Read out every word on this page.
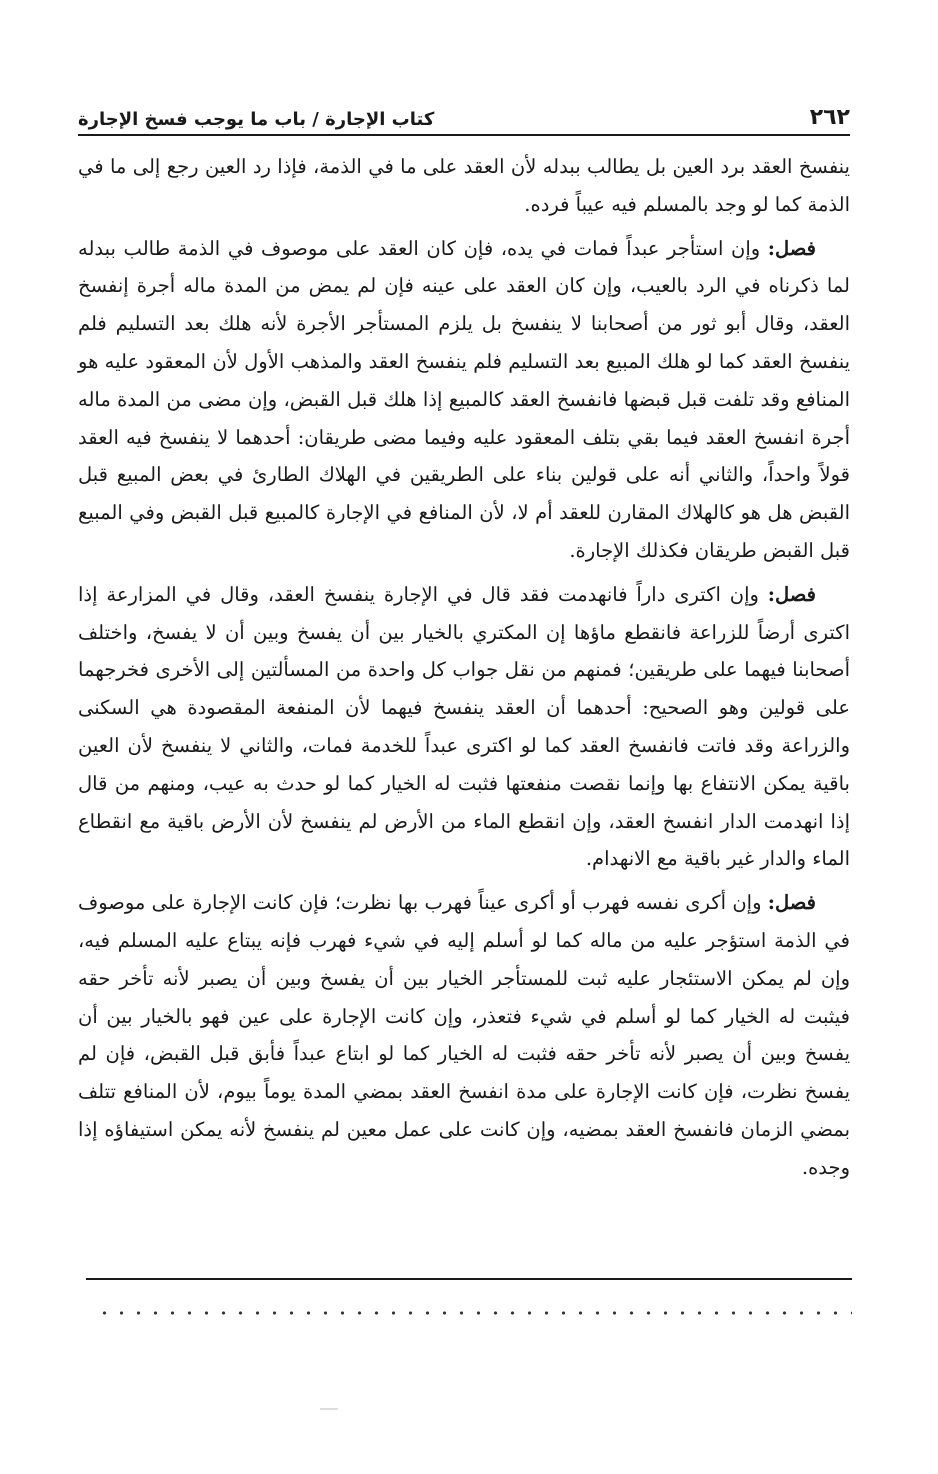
٢٦٢
كتاب الإجارة / باب ما يوجب فسخ الإجارة

ينفسخ العقد برد العين بل يطالب ببدله لأن العقد على ما في الذمة، فإذا رد العين رجع إلى ما في الذمة كما لو وجد بالمسلم فيه عيباً فرده.

فصل: وإن استأجر عبداً فمات في يده، فإن كان العقد على موصوف في الذمة طالب ببدله لما ذكرناه في الرد بالعيب، وإن كان العقد على عينه فإن لم يمض من المدة ماله أجرة إنفسخ العقد، وقال أبو ثور من أصحابنا لا ينفسخ بل يلزم المستأجر الأجرة لأنه هلك بعد التسليم فلم ينفسخ العقد كما لو هلك المبيع بعد التسليم فلم ينفسخ العقد والمذهب الأول لأن المعقود عليه هو المنافع وقد تلفت قبل قبضها فانفسخ العقد كالمبيع إذا هلك قبل القبض، وإن مضى من المدة ماله أجرة انفسخ العقد فيما بقي بتلف المعقود عليه وفيما مضى طريقان: أحدهما لا ينفسخ فيه العقد قولاً واحداً، والثاني أنه على قولين بناء على الطريقين في الهلاك الطارئ في بعض المبيع قبل القبض هل هو كالهلاك المقارن للعقد أم لا، لأن المنافع في الإجارة كالمبيع قبل القبض وفي المبيع قبل القبض طريقان فكذلك الإجارة.

فصل: وإن اكترى داراً فانهدمت فقد قال في الإجارة ينفسخ العقد، وقال في المزارعة إذا اكترى أرضاً للزراعة فانقطع ماؤها إن المكتري بالخيار بين أن يفسخ وبين أن لا يفسخ، واختلف أصحابنا فيهما على طريقين؛ فمنهم من نقل جواب كل واحدة من المسألتين إلى الأخرى فخرجهما على قولين وهو الصحيح: أحدهما أن العقد ينفسخ فيهما لأن المنفعة المقصودة هي السكنى والزراعة وقد فاتت فانفسخ العقد كما لو اكترى عبداً للخدمة فمات، والثاني لا ينفسخ لأن العين باقية يمكن الانتفاع بها وإنما نقصت منفعتها فثبت له الخيار كما لو حدث به عيب، ومنهم من قال إذا انهدمت الدار انفسخ العقد، وإن انقطع الماء من الأرض لم ينفسخ لأن الأرض باقية مع انقطاع الماء والدار غير باقية مع الانهدام.

فصل: وإن أكرى نفسه فهرب أو أكرى عيناً فهرب بها نظرت؛ فإن كانت الإجارة على موصوف في الذمة استؤجر عليه من ماله كما لو أسلم إليه في شيء فهرب فإنه يبتاع عليه المسلم فيه، وإن لم يمكن الاستئجار عليه ثبت للمستأجر الخيار بين أن يفسخ وبين أن يصبر لأنه تأخر حقه فيثبت له الخيار كما لو أسلم في شيء فتعذر، وإن كانت الإجارة على عين فهو بالخيار بين أن يفسخ وبين أن يصبر لأنه تأخر حقه فثبت له الخيار كما لو ابتاع عبداً فأبق قبل القبض، فإن لم يفسخ نظرت، فإن كانت الإجارة على مدة انفسخ العقد بمضي المدة يوماً بيوم، لأن المنافع تتلف بمضي الزمان فانفسخ العقد بمضيه، وإن كانت على عمل معين لم ينفسخ لأنه يمكن استيفاؤه إذا وجده.
